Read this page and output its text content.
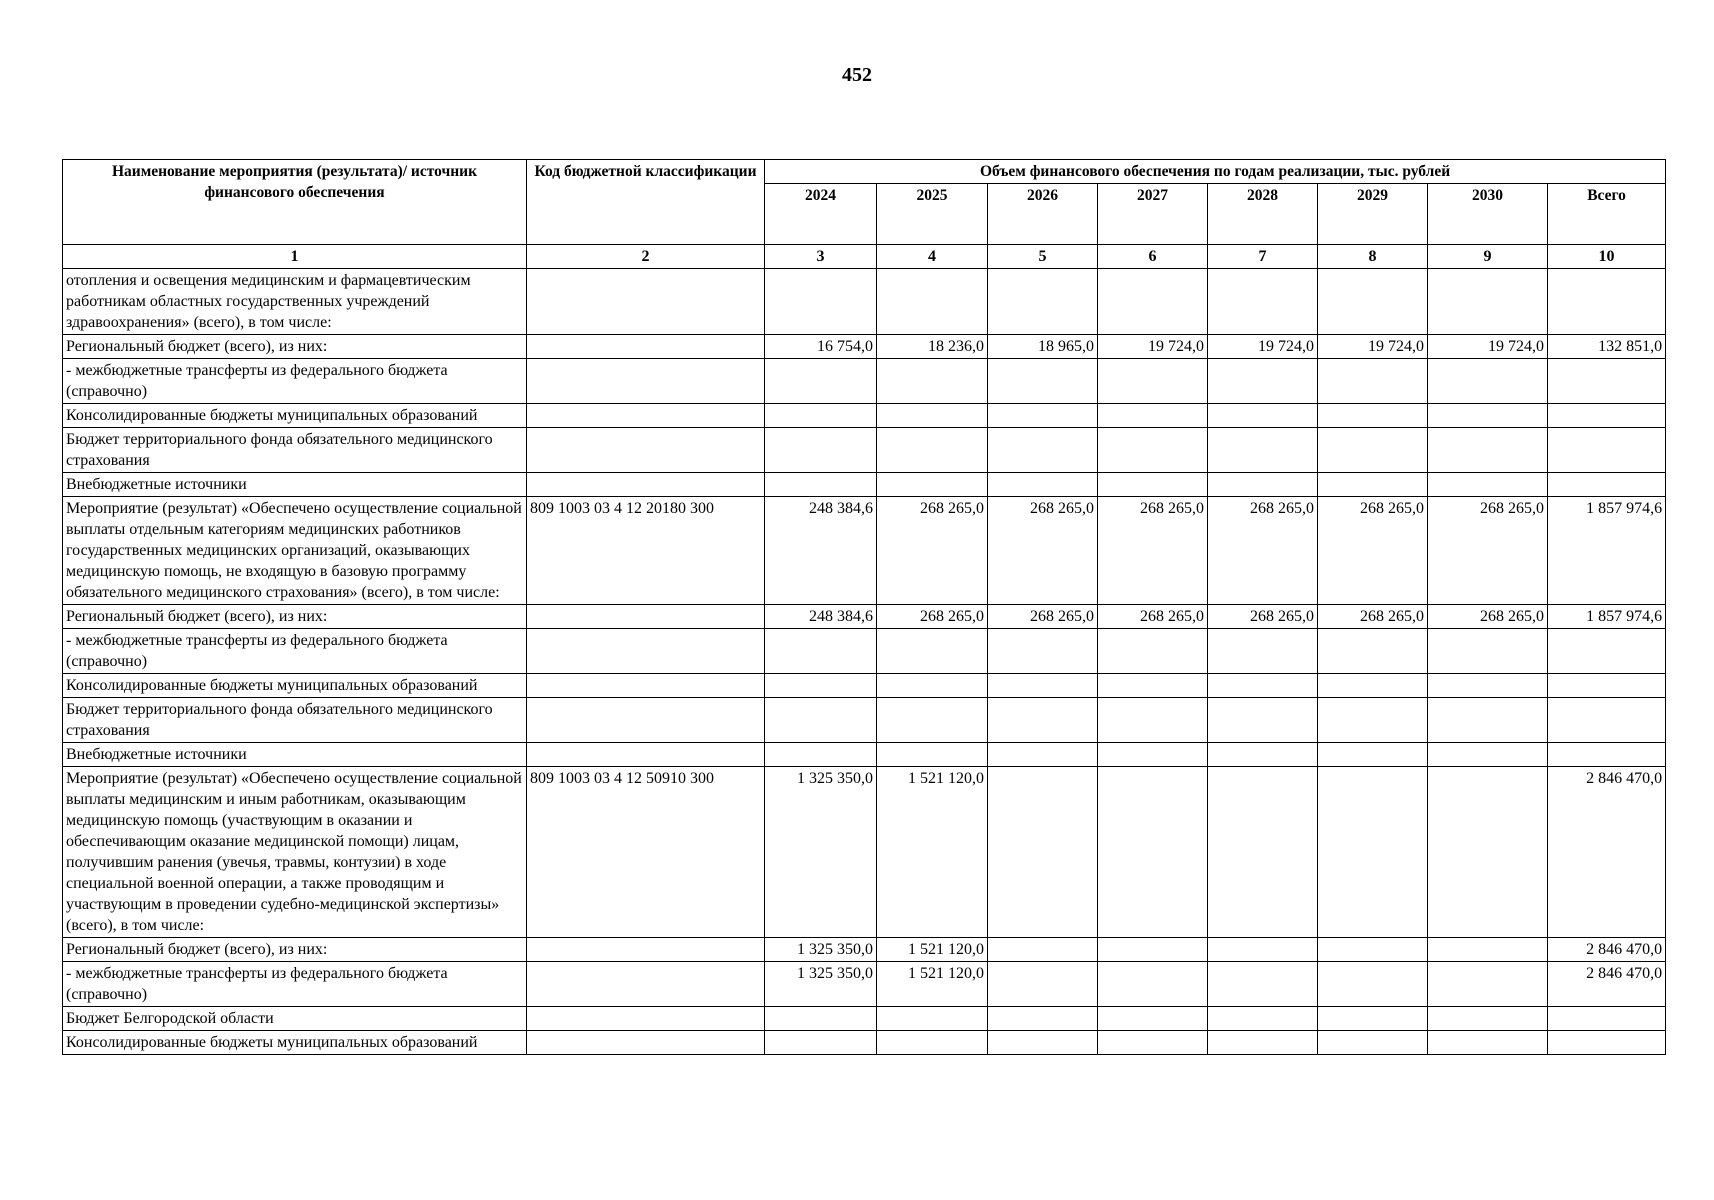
452
Наименование мероприятия (результата)/ источник финансового обеспечения	Код бюджетной классификации	Объем финансового обеспечения по годам реализации, тыс. рублей							
		2024	2025	2026	2027	2028	2029	2030	Всего
1	2	3	4	5	6	7	8	9	10
отопления и освещения медицинским и фармацевтическим работникам областных государственных учреждений здравоохранения» (всего), в том числе:									
Региональный бюджет (всего), из них:		16 754,0	18 236,0	18 965,0	19 724,0	19 724,0	19 724,0	19 724,0	132 851,0
- межбюджетные трансферты из федерального бюджета (справочно)									
Консолидированные бюджеты муниципальных образований									
Бюджет территориального фонда обязательного медицинского страхования									
Внебюджетные источники									
Мероприятие (результат) «Обеспечено осуществление социальной выплаты отдельным категориям медицинских работников государственных медицинских организаций, оказывающих медицинскую помощь, не входящую в базовую программу обязательного медицинского страхования» (всего), в том числе:	809 1003 03 4 12 20180 300	248 384,6	268 265,0	268 265,0	268 265,0	268 265,0	268 265,0	268 265,0	1 857 974,6
Региональный бюджет (всего), из них:		248 384,6	268 265,0	268 265,0	268 265,0	268 265,0	268 265,0	268 265,0	1 857 974,6
- межбюджетные трансферты из федерального бюджета (справочно)									
Консолидированные бюджеты муниципальных образований									
Бюджет территориального фонда обязательного медицинского страхования									
Внебюджетные источники									
Мероприятие (результат) «Обеспечено осуществление социальной выплаты медицинским и иным работникам, оказывающим медицинскую помощь (участвующим в оказании и обеспечивающим оказание медицинской помощи) лицам, получившим ранения (увечья, травмы, контузии) в ходе специальной военной операции, а также проводящим и участвующим в проведении судебно-медицинской экспертизы» (всего), в том числе:	809 1003 03 4 12 50910 300	1 325 350,0	1 521 120,0						2 846 470,0
Региональный бюджет (всего), из них:		1 325 350,0	1 521 120,0						2 846 470,0
- межбюджетные трансферты из федерального бюджета (справочно)		1 325 350,0	1 521 120,0						2 846 470,0
Бюджет Белгородской области									
Консолидированные бюджеты муниципальных образований									
